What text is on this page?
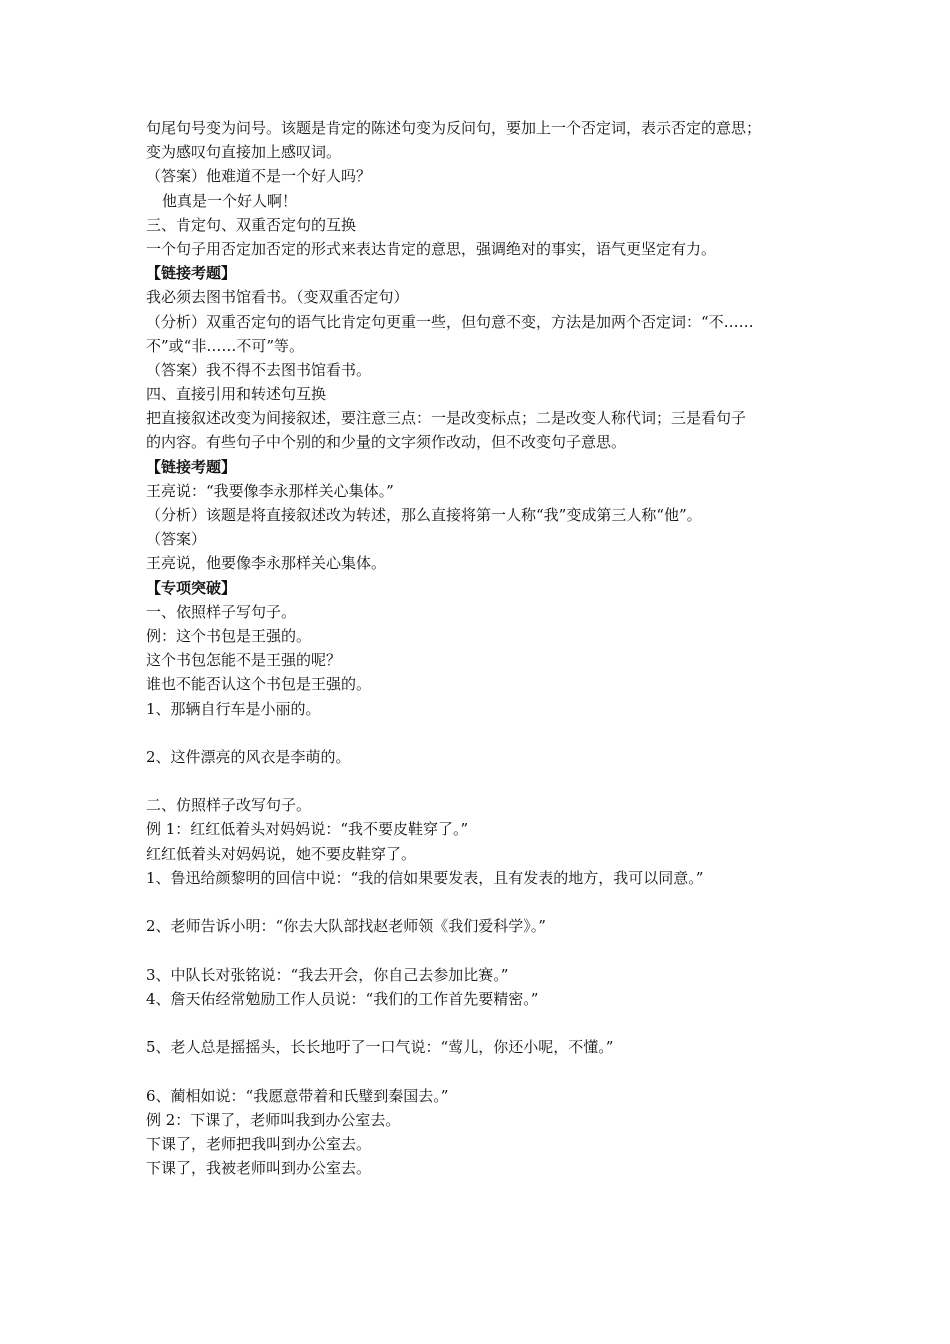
句尾句号变为问号。该题是肯定的陈述句变为反问句，要加上一个否定词，表示否定的意思；
变为感叹句直接加上感叹词。
（答案）他难道不是一个好人吗？
他真是一个好人啊！
三、肯定句、双重否定句的互换
一个句子用否定加否定的形式来表达肯定的意思，强调绝对的事实，语气更坚定有力。
【链接考题】
我必须去图书馆看书。（变双重否定句）
（分析）双重否定句的语气比肯定句更重一些，但句意不变，方法是加两个否定词：“不……
不”或“非……不可”等。
（答案）我不得不去图书馆看书。
四、直接引用和转述句互换
把直接叙述改变为间接叙述，要注意三点：一是改变标点；二是改变人称代词；三是看句子
的内容。有些句子中个别的和少量的文字须作改动，但不改变句子意思。
【链接考题】
王亮说：“我要像李永那样关心集体。”
（分析）该题是将直接叙述改为转述，那么直接将第一人称“我”变成第三人称“他”。
（答案）
王亮说，他要像李永那样关心集体。
【专项突破】
一、依照样子写句子。
例：这个书包是王强的。
这个书包怎能不是王强的呢？
谁也不能否认这个书包是王强的。
1、那辆自行车是小丽的。
2、这件漂亮的风衣是李萌的。
二、仿照样子改写句子。
例 1：红红低着头对妈妈说：“我不要皮鞋穿了。”
红红低着头对妈妈说，她不要皮鞋穿了。
1、鲁迅给颜黎明的回信中说：“我的信如果要发表，且有发表的地方，我可以同意。”
2、老师告诉小明：“你去大队部找赵老师领《我们爱科学》。”
3、中队长对张铭说：“我去开会，你自己去参加比赛。”
4、詹天佑经常勉励工作人员说：“我们的工作首先要精密。”
5、老人总是摇摇头，长长地吁了一口气说：“莺儿，你还小呢，不懂。”
6、蔺相如说：“我愿意带着和氏璧到秦国去。”
例 2：下课了，老师叫我到办公室去。
下课了，老师把我叫到办公室去。
下课了，我被老师叫到办公室去。
